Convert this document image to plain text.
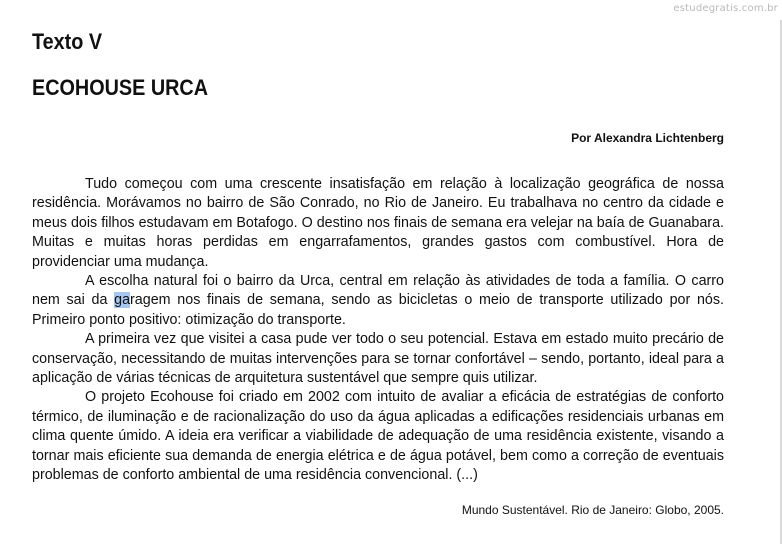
estudegratis.com.br
Texto V
ECOHOUSE URCA
Por Alexandra Lichtenberg

Tudo começou com uma crescente insatisfação em relação à localização geográfica de nossa residência. Morávamos no bairro de São Conrado, no Rio de Janeiro. Eu trabalhava no centro da cidade e meus dois filhos estudavam em Botafogo. O destino nos finais de semana era velejar na baía de Guanabara. Muitas e muitas horas perdidas em engarrafamentos, grandes gastos com combustível. Hora de providenciar uma mudança.

A escolha natural foi o bairro da Urca, central em relação às atividades de toda a família. O carro nem sai da garagem nos finais de semana, sendo as bicicletas o meio de transporte utilizado por nós. Primeiro ponto positivo: otimização do transporte.

A primeira vez que visitei a casa pude ver todo o seu potencial. Estava em estado muito precário de conservação, necessitando de muitas intervenções para se tornar confortável – sendo, portanto, ideal para a aplicação de várias técnicas de arquitetura sustentável que sempre quis utilizar.

O projeto Ecohouse foi criado em 2002 com intuito de avaliar a eficácia de estratégias de conforto térmico, de iluminação e de racionalização do uso da água aplicadas a edificações residenciais urbanas em clima quente úmido. A ideia era verificar a viabilidade de adequação de uma residência existente, visando a tornar mais eficiente sua demanda de energia elétrica e de água potável, bem como a correção de eventuais problemas de conforto ambiental de uma residência convencional. (...)

Mundo Sustentável. Rio de Janeiro: Globo, 2005.
